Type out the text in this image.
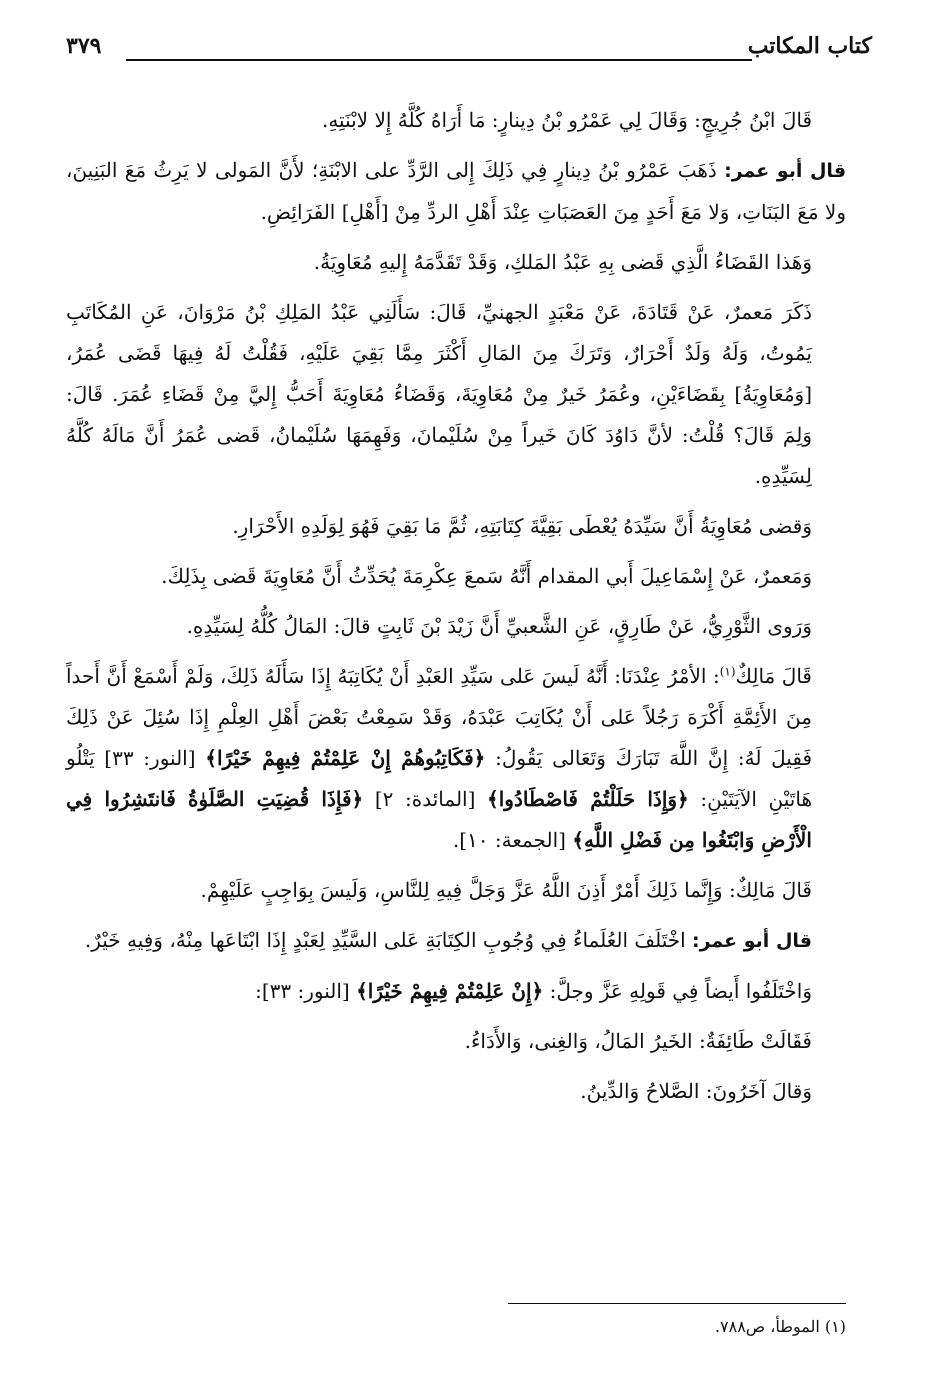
كتاب المكاتب
٣٧٩

قَالَ ابْنُ جُرِيجٍ: وَقَالَ لِي عَمْرُو بْنُ دِينارٍ: مَا أَرَاهُ كُلَّهُ إِلا لابْنَتِهِ.

قال أبو عمر: ذَهَبَ عَمْرُو بْنُ دِينارٍ فِي ذَلِكَ إِلى الرَّدِّ على الابْنَةِ؛ لأَنَّ المَولى لا يَرِثُ مَعَ البَنِينَ، ولا مَعَ البَنَاتِ، وَلا مَعَ أَحَدٍ مِنَ العَصَبَاتِ عِنْدَ أَهْلِ الردِّ مِنْ [أَهْلِ] الفَرَائِضِ.

وَهَذا القَضَاءُ الَّذِي قَضى بِهِ عَبْدُ المَلكِ، وَقَدْ تَقَدَّمَهُ إِليهِ مُعَاوِيَةُ.

ذَكَرَ مَعمرٌ، عَنْ قَتَادَةَ، عَنْ مَعْبَدٍ الجهنيِّ، قَالَ: سَأَلَنِي عَبْدُ المَلِكِ بْنُ مَرْوَانَ، عَنِ المُكَاتَبِ يَمُوتُ، وَلَهُ وَلَدٌ أَحْرَارٌ، وَتَرَكَ مِنَ المَالِ أَكْثَرَ مِمَّا بَقِيَ عَلَيْهِ، فَقُلْتُ لَهُ فِيهَا قَضَى عُمَرُ، [وَمُعَاوِيَةُ] بِقَضَاءَيْنِ، وعُمَرُ خَيرٌ مِنْ مُعَاوِيَةَ، وَقَضَاءُ مُعَاوِيَةَ أَحَبُّ إِليَّ مِنْ قَضَاءِ عُمَرَ. قَالَ: وَلِمَ قَالَ؟ قُلْتُ: لأنَّ دَاوُدَ كَانَ خَيراً مِنْ سُلَيْمانَ، وَفَهِمَهَا سُلَيْمانُ، قَضى عُمَرُ أَنَّ مَالَهُ كُلَّهُ لِسَيِّدِهِ.

وَقضى مُعَاوِيَةُ أَنَّ سَيِّدَهُ يُعْطَى بَقِيَّةَ كِتَابَتِهِ، ثُمَّ مَا بَقِيَ فَهُوَ لِوَلَدِهِ الأَحْرَارِ.

وَمَعمرٌ، عَنْ إِسْمَاعِيلَ أَبي المقدام أَنَّهُ سَمعَ عِكْرِمَةَ يُحَدِّثُ أَنَّ مُعَاوِيَةَ قَضى بِذَلِكَ.

وَرَوى الثَّوْرِيُّ، عَنْ طَارِقٍ، عَنِ الشَّعبيِّ أَنَّ زَيْدَ بْنَ ثَابِتٍ قالَ: المَالُ كُلُّهُ لِسَيِّدِهِ.

قَالَ مَالِكٌ$^{(١)}$: الأمْرُ عِنْدَنَا: أَنَّهُ لَيسَ عَلى سَيِّدِ العَبْدِ أَنْ يُكَاتِبَهُ إِذَا سَأَلَهُ ذَلِكَ، وَلَمْ أَسْمَعْ أَنَّ أَحداً مِنَ الأَئِمَّةِ أَكْرَهَ رَجُلاً عَلى أَنْ يُكَاتِبَ عَبْدَهُ، وَقَدْ سَمِعْتُ بَعْضَ أَهْلِ العِلْمِ إِذَا سُئِلَ عَنْ ذَلِكَ فَقِيلَ لَهُ: إِنَّ اللَّهَ تَبَارَكَ وَتَعَالى يَقُولُ: ﴿فَكَاتِبُوهُمْ إِنْ عَلِمْتُمْ فِيهِمْ خَيْرًا﴾ [النور: ٣٣] يَتْلُو هَاتَيْنِ الآيَتَيْنِ: ﴿وَإِذَا حَلَلْتُمْ فَاصْطَادُوا﴾ [المائدة: ٢] ﴿فَإِذَا قُضِيَتِ الصَّلَوٰةُ فَانتَشِرُوا فِي الْأَرْضِ وَابْتَغُوا مِن فَضْلِ اللَّهِ﴾ [الجمعة: ١٠].

قَالَ مَالِكٌ: وَإِنَّما ذَلِكَ أَمْرٌ أَذِنَ اللَّهُ عَزَّ وَجَلَّ فِيهِ لِلنَّاسِ، وَلَيسَ بِوَاجِبٍ عَلَيْهِمْ.

قال أبو عمر: اخْتَلَفَ العُلَماءُ فِي وُجُوبِ الكِتَابَةِ عَلى السَّيِّدِ لِعَبْدٍ إِذَا ابْتَاعَها مِنْهُ، وَفِيهِ خَيْرٌ.

وَاخْتَلَفُوا أَيضاً فِي قَولِهِ عَزَّ وجلَّ: ﴿إِنْ عَلِمْتُمْ فِيهِمْ خَيْرًا﴾ [النور: ٣٣]:

فَقَالَتْ طَائِفَةٌ: الخَيرُ المَالُ، وَالغِنى، وَالأَدَاءُ.

وَقالَ آخَرُونَ: الصَّلاحُ وَالدِّينُ.

(١) الموطأ، ص٧٨٨.
